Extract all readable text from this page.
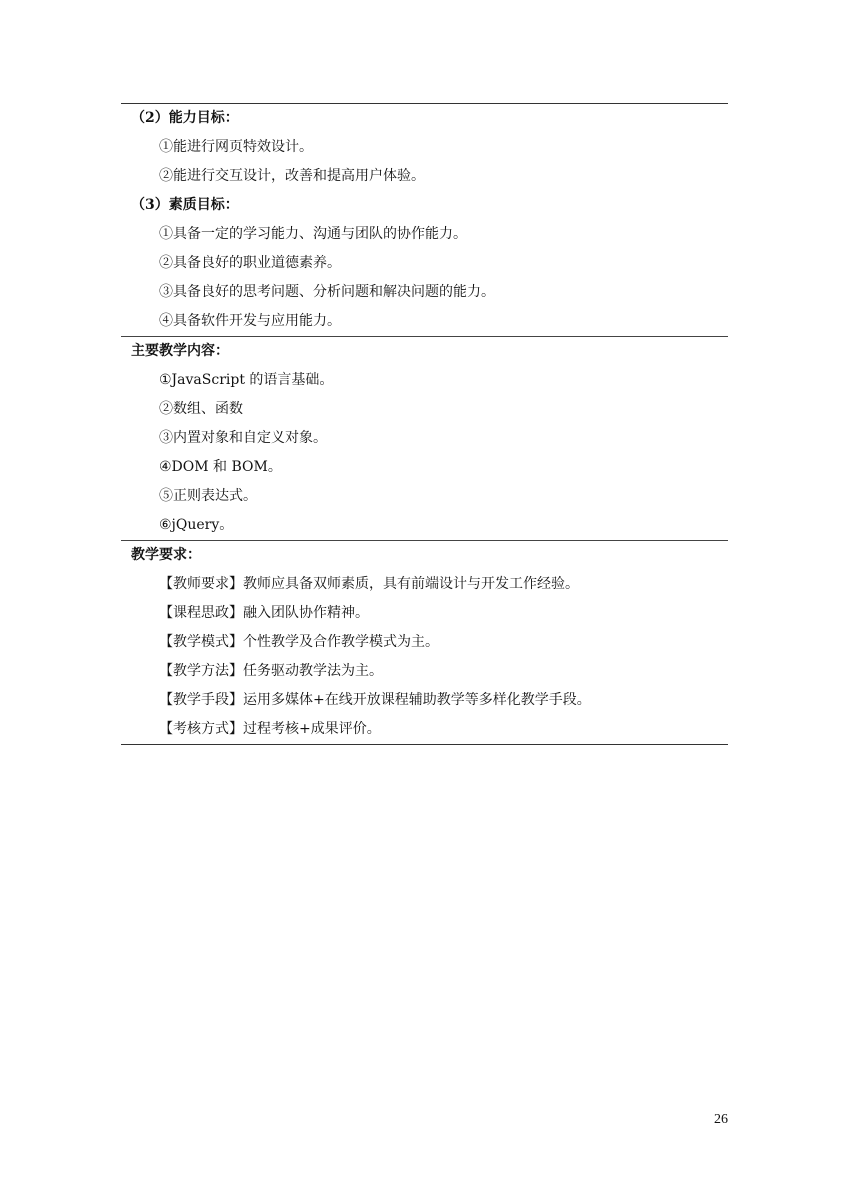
（2）能力目标：
①能进行网页特效设计。
②能进行交互设计，改善和提高用户体验。
（3）素质目标：
①具备一定的学习能力、沟通与团队的协作能力。
②具备良好的职业道德素养。
③具备良好的思考问题、分析问题和解决问题的能力。
④具备软件开发与应用能力。
主要教学内容：
①JavaScript 的语言基础。
②数组、函数
③内置对象和自定义对象。
④DOM 和 BOM。
⑤正则表达式。
⑥jQuery。
教学要求：
【教师要求】教师应具备双师素质，具有前端设计与开发工作经验。
【课程思政】融入团队协作精神。
【教学模式】个性教学及合作教学模式为主。
【教学方法】任务驱动教学法为主。
【教学手段】运用多媒体+在线开放课程辅助教学等多样化教学手段。
【考核方式】过程考核+成果评价。
26
